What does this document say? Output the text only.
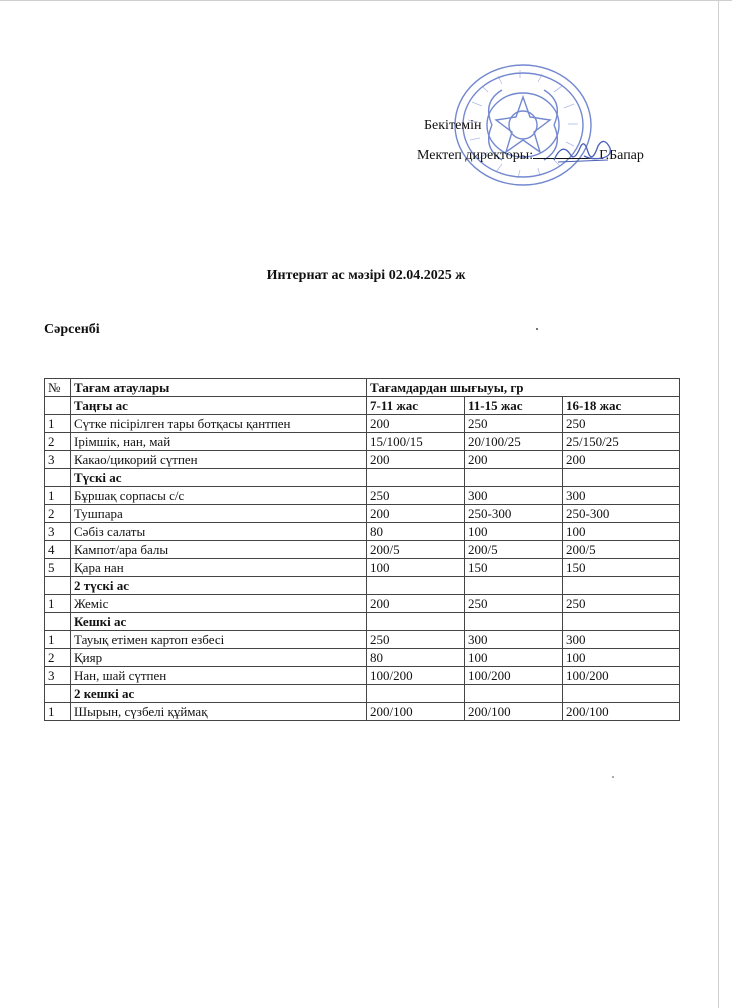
Бекітемін
Мектеп директоры:	Г.Бапар
Интернат ас мәзірі 02.04.2025 ж
Сәрсенбі
№	Тағам атаулары	Тағамдардан шығыуы, гр		
	Таңғы ас	7-11 жас	11-15 жас	16-18 жас
1	Сүтке пісірілген тары ботқасы қантпен	200	250	250
2	Ірімшік, нан, май	15/100/15	20/100/25	25/150/25
3	Какао/цикорий сүтпен	200	200	200
	Түскі ас			
1	Бұршақ сорпасы с/с	250	300	300
2	Тушпара	200	250-300	250-300
3	Сәбіз салаты	80	100	100
4	Кампот/ара балы	200/5	200/5	200/5
5	Қара нан	100	150	150
	2 түскі ас			
1	Жеміс	200	250	250
	Кешкі ас			
1	Тауық етімен картоп езбесі	250	300	300
2	Қияр	80	100	100
3	Нан, шай сүтпен	100/200	100/200	100/200
	2 кешкі ас			
1	Шырын, сүзбелі құймақ	200/100	200/100	200/100
